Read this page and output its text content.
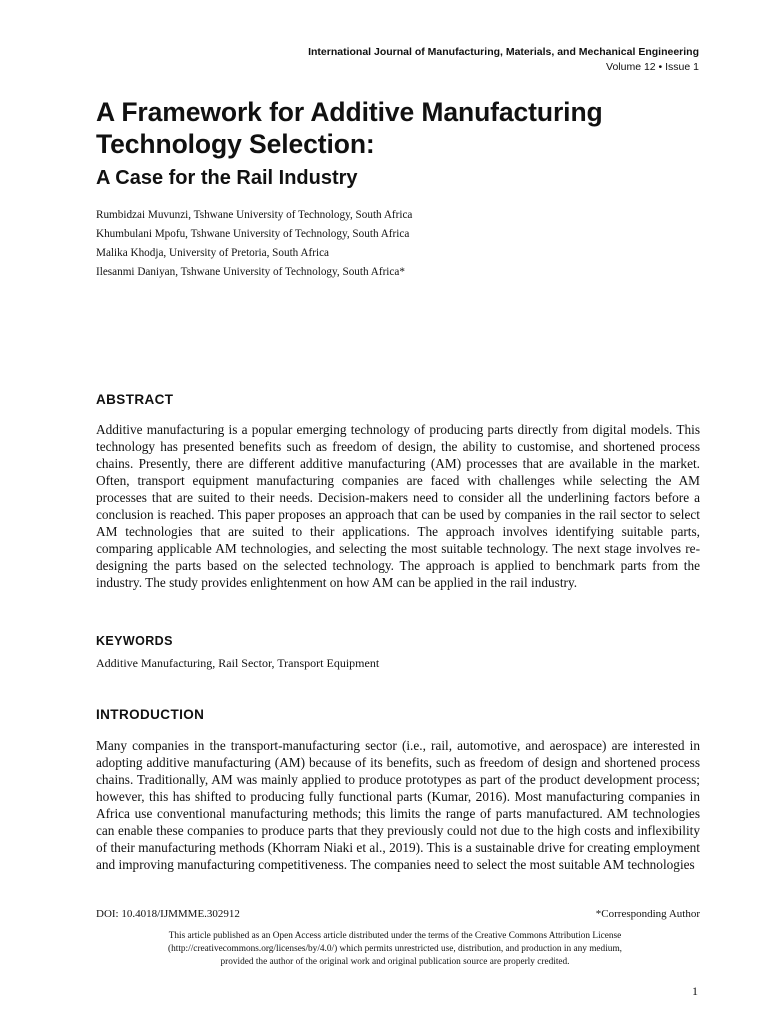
International Journal of Manufacturing, Materials, and Mechanical Engineering
Volume 12 • Issue 1
A Framework for Additive Manufacturing Technology Selection:
A Case for the Rail Industry
Rumbidzai Muvunzi, Tshwane University of Technology, South Africa
Khumbulani Mpofu, Tshwane University of Technology, South Africa
Malika Khodja, University of Pretoria, South Africa
Ilesanmi Daniyan, Tshwane University of Technology, South Africa*
ABSTRACT

Additive manufacturing is a popular emerging technology of producing parts directly from digital models. This technology has presented benefits such as freedom of design, the ability to customise, and shortened process chains. Presently, there are different additive manufacturing (AM) processes that are available in the market. Often, transport equipment manufacturing companies are faced with challenges while selecting the AM processes that are suited to their needs. Decision-makers need to consider all the underlining factors before a conclusion is reached. This paper proposes an approach that can be used by companies in the rail sector to select AM technologies that are suited to their applications. The approach involves identifying suitable parts, comparing applicable AM technologies, and selecting the most suitable technology. The next stage involves re-designing the parts based on the selected technology. The approach is applied to benchmark parts from the industry. The study provides enlightenment on how AM can be applied in the rail industry.

KEYWORDS
Additive Manufacturing, Rail Sector, Transport Equipment
INTRODUCTION

Many companies in the transport-manufacturing sector (i.e., rail, automotive, and aerospace) are interested in adopting additive manufacturing (AM) because of its benefits, such as freedom of design and shortened process chains. Traditionally, AM was mainly applied to produce prototypes as part of the product development process; however, this has shifted to producing fully functional parts (Kumar, 2016). Most manufacturing companies in Africa use conventional manufacturing methods; this limits the range of parts manufactured. AM technologies can enable these companies to produce parts that they previously could not due to the high costs and inflexibility of their manufacturing methods (Khorram Niaki et al., 2019). This is a sustainable drive for creating employment and improving manufacturing competitiveness. The companies need to select the most suitable AM technologies

DOI: 10.4018/IJMMME.302912	*Corresponding Author
This article published as an Open Access article distributed under the terms of the Creative Commons Attribution License
(http://creativecommons.org/licenses/by/4.0/) which permits unrestricted use, distribution, and production in any medium,
provided the author of the original work and original publication source are properly credited.
1
